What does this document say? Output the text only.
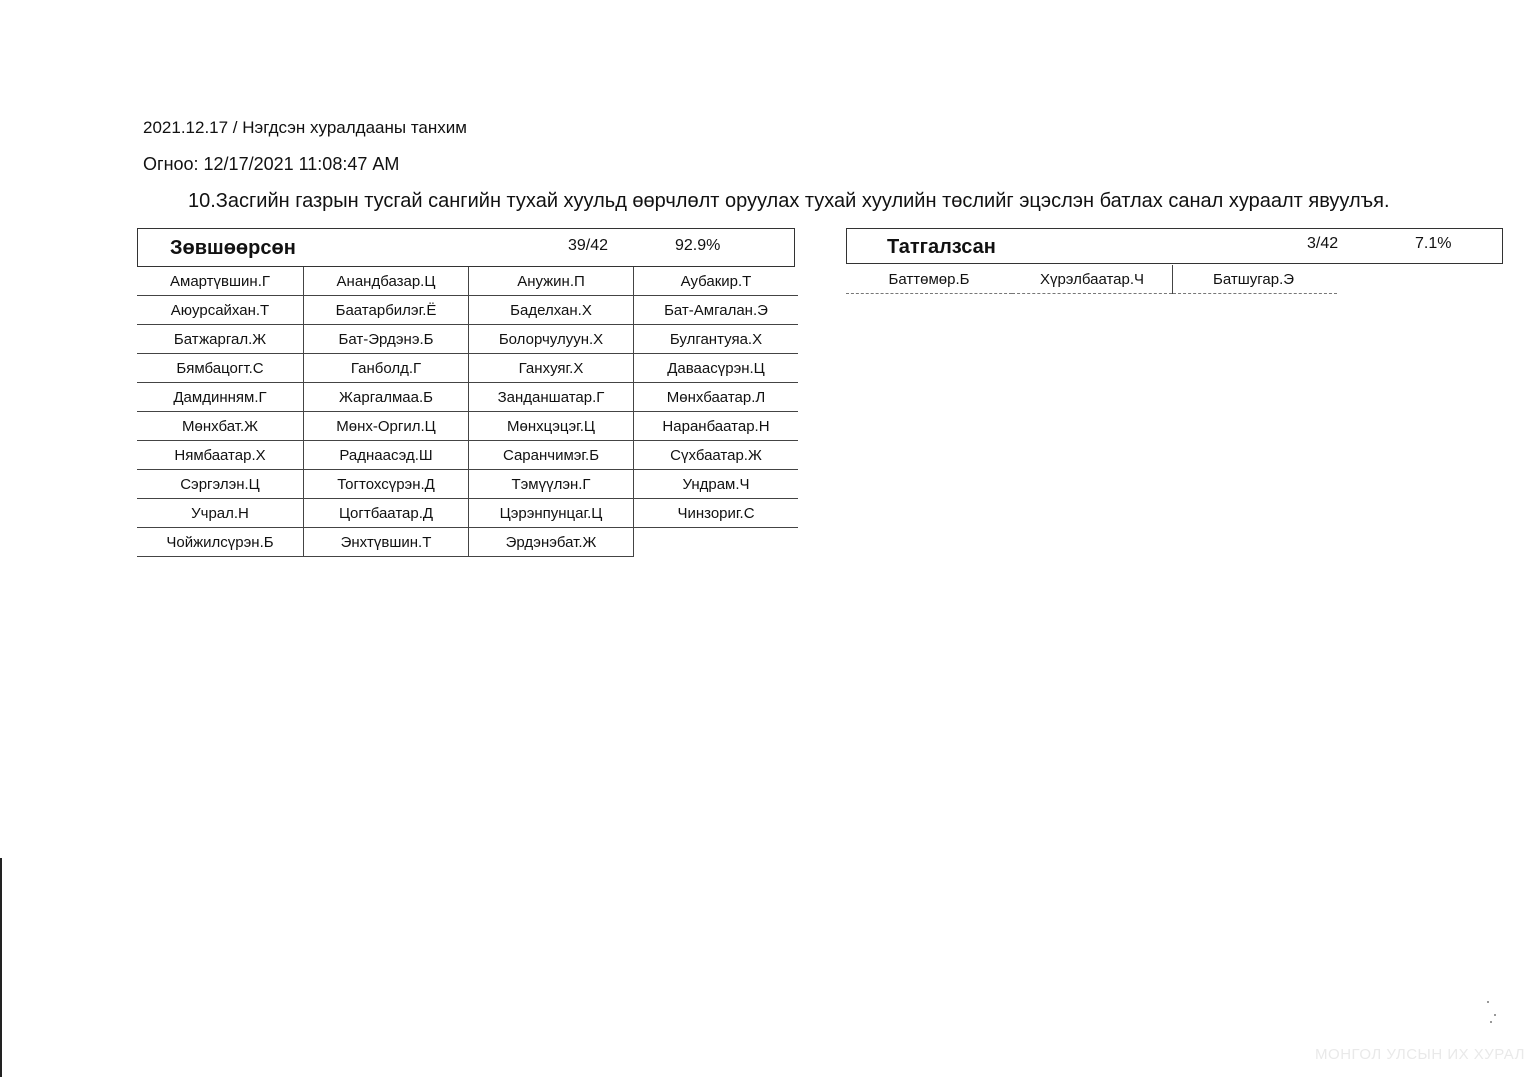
2021.12.17 / Нэгдсэн хуралдааны танхим
Огноо: 12/17/2021 11:08:47 AM
10.Засгийн газрын тусгай сангийн тухай хуульд өөрчлөлт оруулах тухай хуулийн төслийг эцэслэн батлах санал хураалт явуулъя.
Зөвшөөрсөн	39/42	92.9%
Амартүвшин.Г	Анандбазар.Ц	Анужин.П	Аубакир.Т
Аюурсайхан.Т	Баатарбилэг.Ё	Баделхан.Х	Бат-Амгалан.Э
Батжаргал.Ж	Бат-Эрдэнэ.Б	Болорчулуун.Х	Булгантуяа.Х
Бямбацогт.С	Ганболд.Г	Ганхуяг.Х	Даваасүрэн.Ц
Дамдинням.Г	Жаргалмаа.Б	Занданшатар.Г	Мөнхбаатар.Л
Мөнхбат.Ж	Мөнх-Оргил.Ц	Мөнхцэцэг.Ц	Наранбаатар.Н
Нямбаатар.Х	Раднаасэд.Ш	Саранчимэг.Б	Сүхбаатар.Ж
Сэргэлэн.Ц	Тогтохсүрэн.Д	Тэмүүлэн.Г	Ундрам.Ч
Учрал.Н	Цогтбаатар.Д	Цэрэнпунцаг.Ц	Чинзориг.С
Чойжилсүрэн.Б	Энхтүвшин.Т	Эрдэнэбат.Ж	
Татгалзсан	3/42	7.1%
Баттөмөр.Б	Хүрэлбаатар.Ч	Батшугар.Э
МОНГОЛ УЛСЫН ИХ ХУРАЛ
